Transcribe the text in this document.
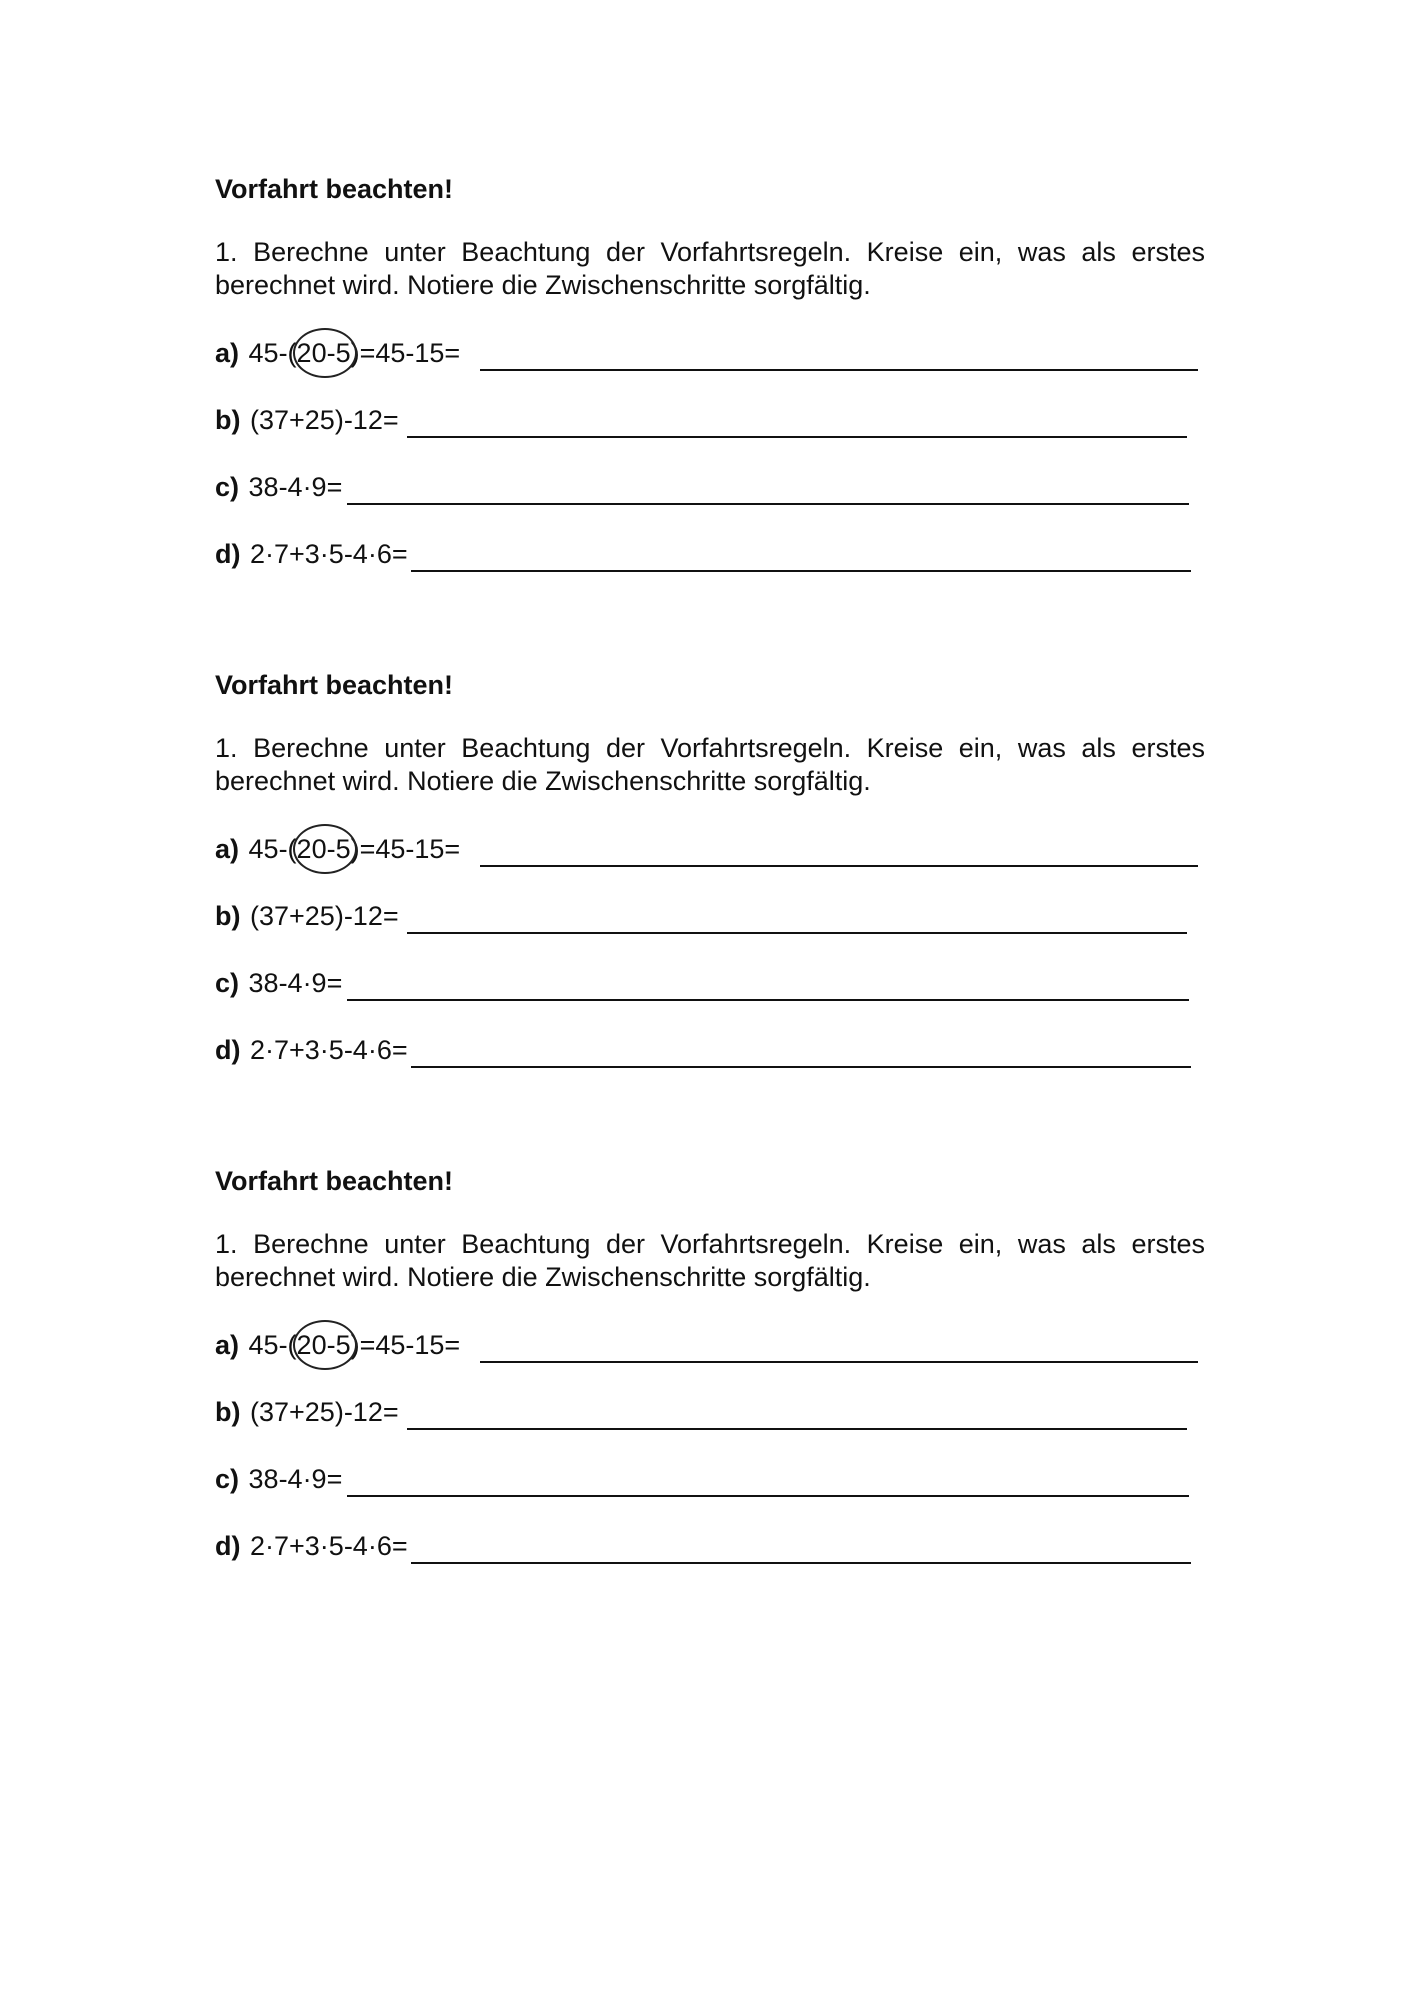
Vorfahrt beachten!
1. Berechne unter Beachtung der Vorfahrtsregeln. Kreise ein, was als erstes berechnet wird. Notiere die Zwischenschritte sorgfältig.
a) 45-(20-5
)=45-15=
b) (37+25)-12=
c) 38-4·9=
d) 2·7+3·5-4·6=
Vorfahrt beachten!
1. Berechne unter Beachtung der Vorfahrtsregeln. Kreise ein, was als erstes berechnet wird. Notiere die Zwischenschritte sorgfältig.
a) 45-(20-5
)=45-15=
b) (37+25)-12=
c) 38-4·9=
d) 2·7+3·5-4·6=
Vorfahrt beachten!
1. Berechne unter Beachtung der Vorfahrtsregeln. Kreise ein, was als erstes berechnet wird. Notiere die Zwischenschritte sorgfältig.
a) 45-(20-5
)=45-15=
b) (37+25)-12=
c) 38-4·9=
d) 2·7+3·5-4·6=
